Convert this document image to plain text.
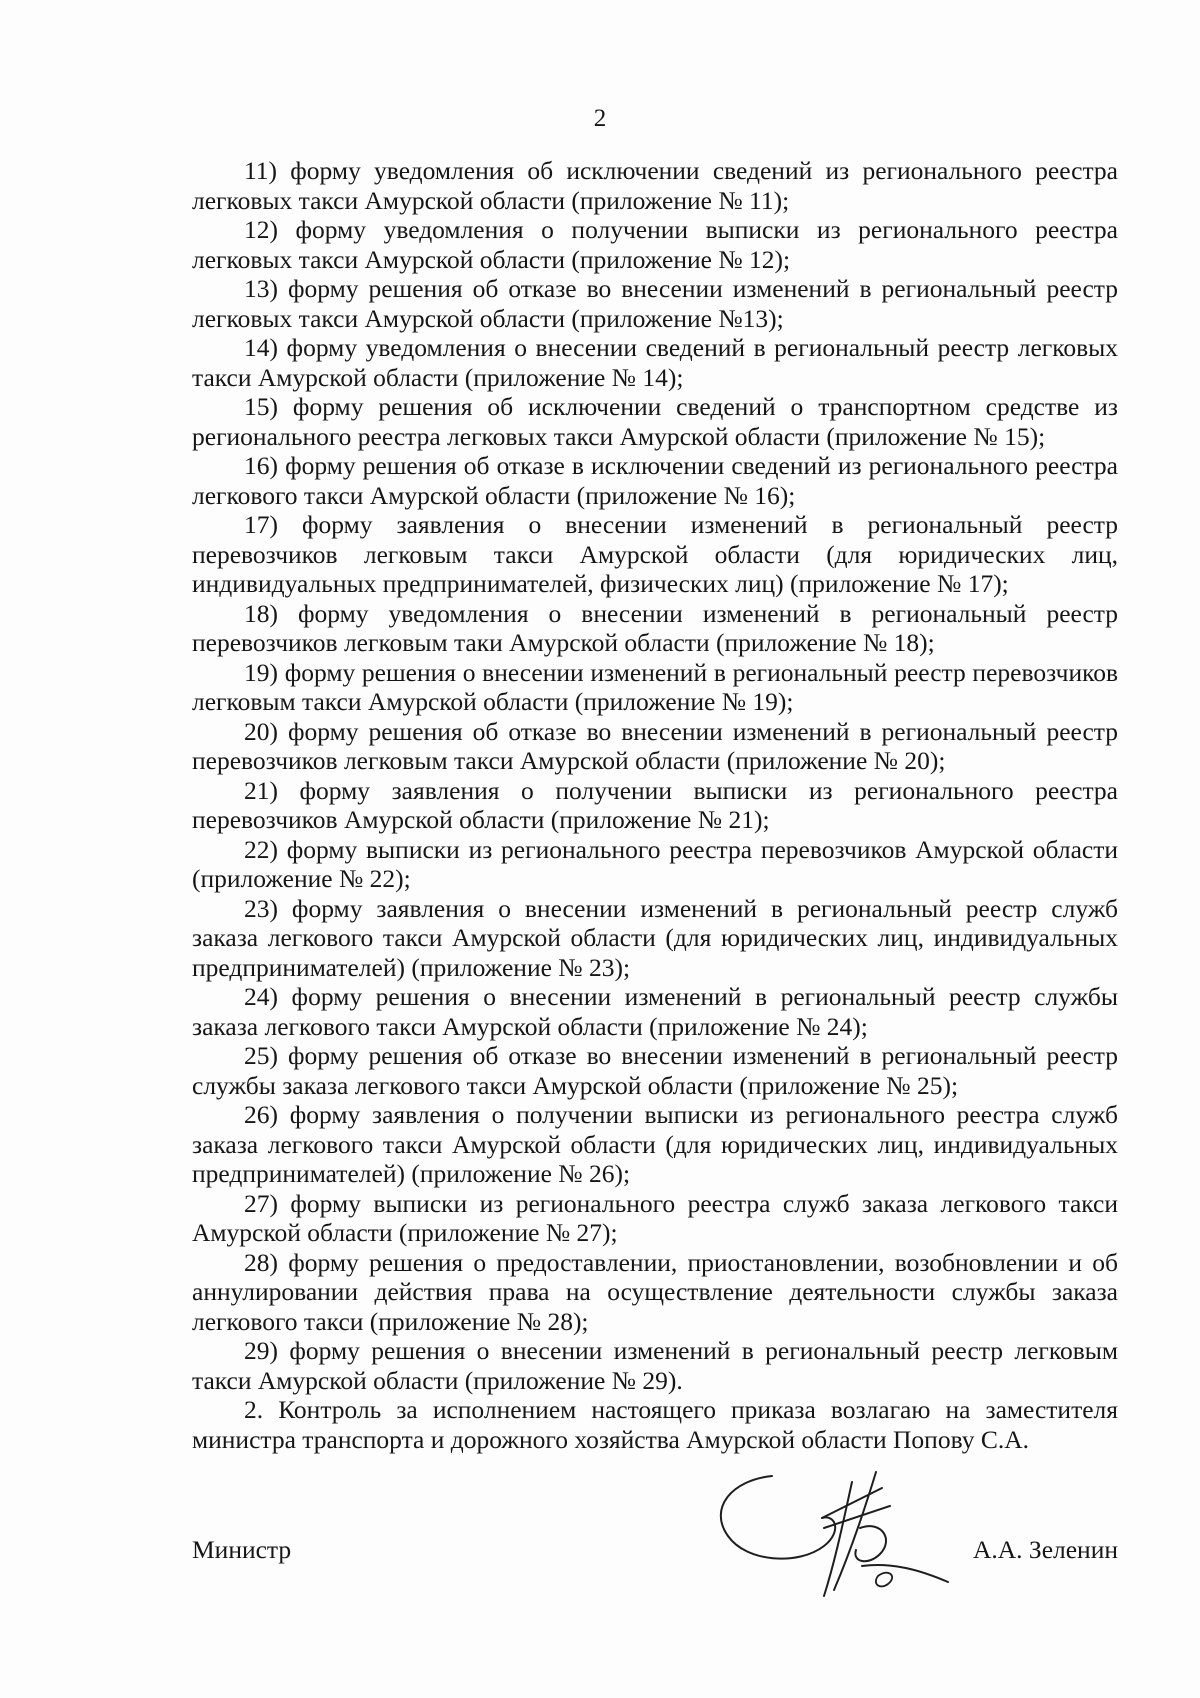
2

11) форму уведомления об исключении сведений из регионального реестра легковых такси Амурской области (приложение № 11);

12) форму уведомления о получении выписки из регионального реестра легковых такси Амурской области (приложение № 12);

13) форму решения об отказе во внесении изменений в региональный реестр легковых такси Амурской области (приложение №13);

14) форму уведомления о внесении сведений в региональный реестр легковых такси Амурской области (приложение № 14);

15) форму решения об исключении сведений о транспортном средстве из регионального реестра легковых такси Амурской области (приложение № 15);

16) форму решения об отказе в исключении сведений из регионального реестра легкового такси Амурской области (приложение № 16);

17) форму заявления о внесении изменений в региональный реестр перевозчиков легковым такси Амурской области (для юридических лиц, индивидуальных предпринимателей, физических лиц) (приложение № 17);

18) форму уведомления о внесении изменений в региональный реестр перевозчиков легковым таки Амурской области (приложение № 18);

19) форму решения о внесении изменений в региональный реестр перевозчиков легковым такси Амурской области (приложение № 19);

20) форму решения об отказе во внесении изменений в региональный реестр перевозчиков легковым такси Амурской области (приложение № 20);

21) форму заявления о получении выписки из регионального реестра перевозчиков Амурской области (приложение № 21);

22) форму выписки из регионального реестра перевозчиков Амурской области (приложение № 22);

23) форму заявления о внесении изменений в региональный реестр служб заказа легкового такси Амурской области (для юридических лиц, индивидуальных предпринимателей) (приложение № 23);

24) форму решения о внесении изменений в региональный реестр службы заказа легкового такси Амурской области (приложение № 24);

25) форму решения об отказе во внесении изменений в региональный реестр службы заказа легкового такси Амурской области (приложение № 25);

26) форму заявления о получении выписки из регионального реестра служб заказа легкового такси Амурской области (для юридических лиц, индивидуальных предпринимателей) (приложение № 26);

27) форму выписки из регионального реестра служб заказа легкового такси Амурской области (приложение № 27);

28) форму решения о предоставлении, приостановлении, возобновлении и об аннулировании действия права на осуществление деятельности службы заказа легкового такси (приложение № 28);

29) форму решения о внесении изменений в региональный реестр легковым такси Амурской области (приложение № 29).

2. Контроль за исполнением настоящего приказа возлагаю на заместителя министра транспорта и дорожного хозяйства Амурской области Попову С.А.

Министр	А.А. Зеленин
